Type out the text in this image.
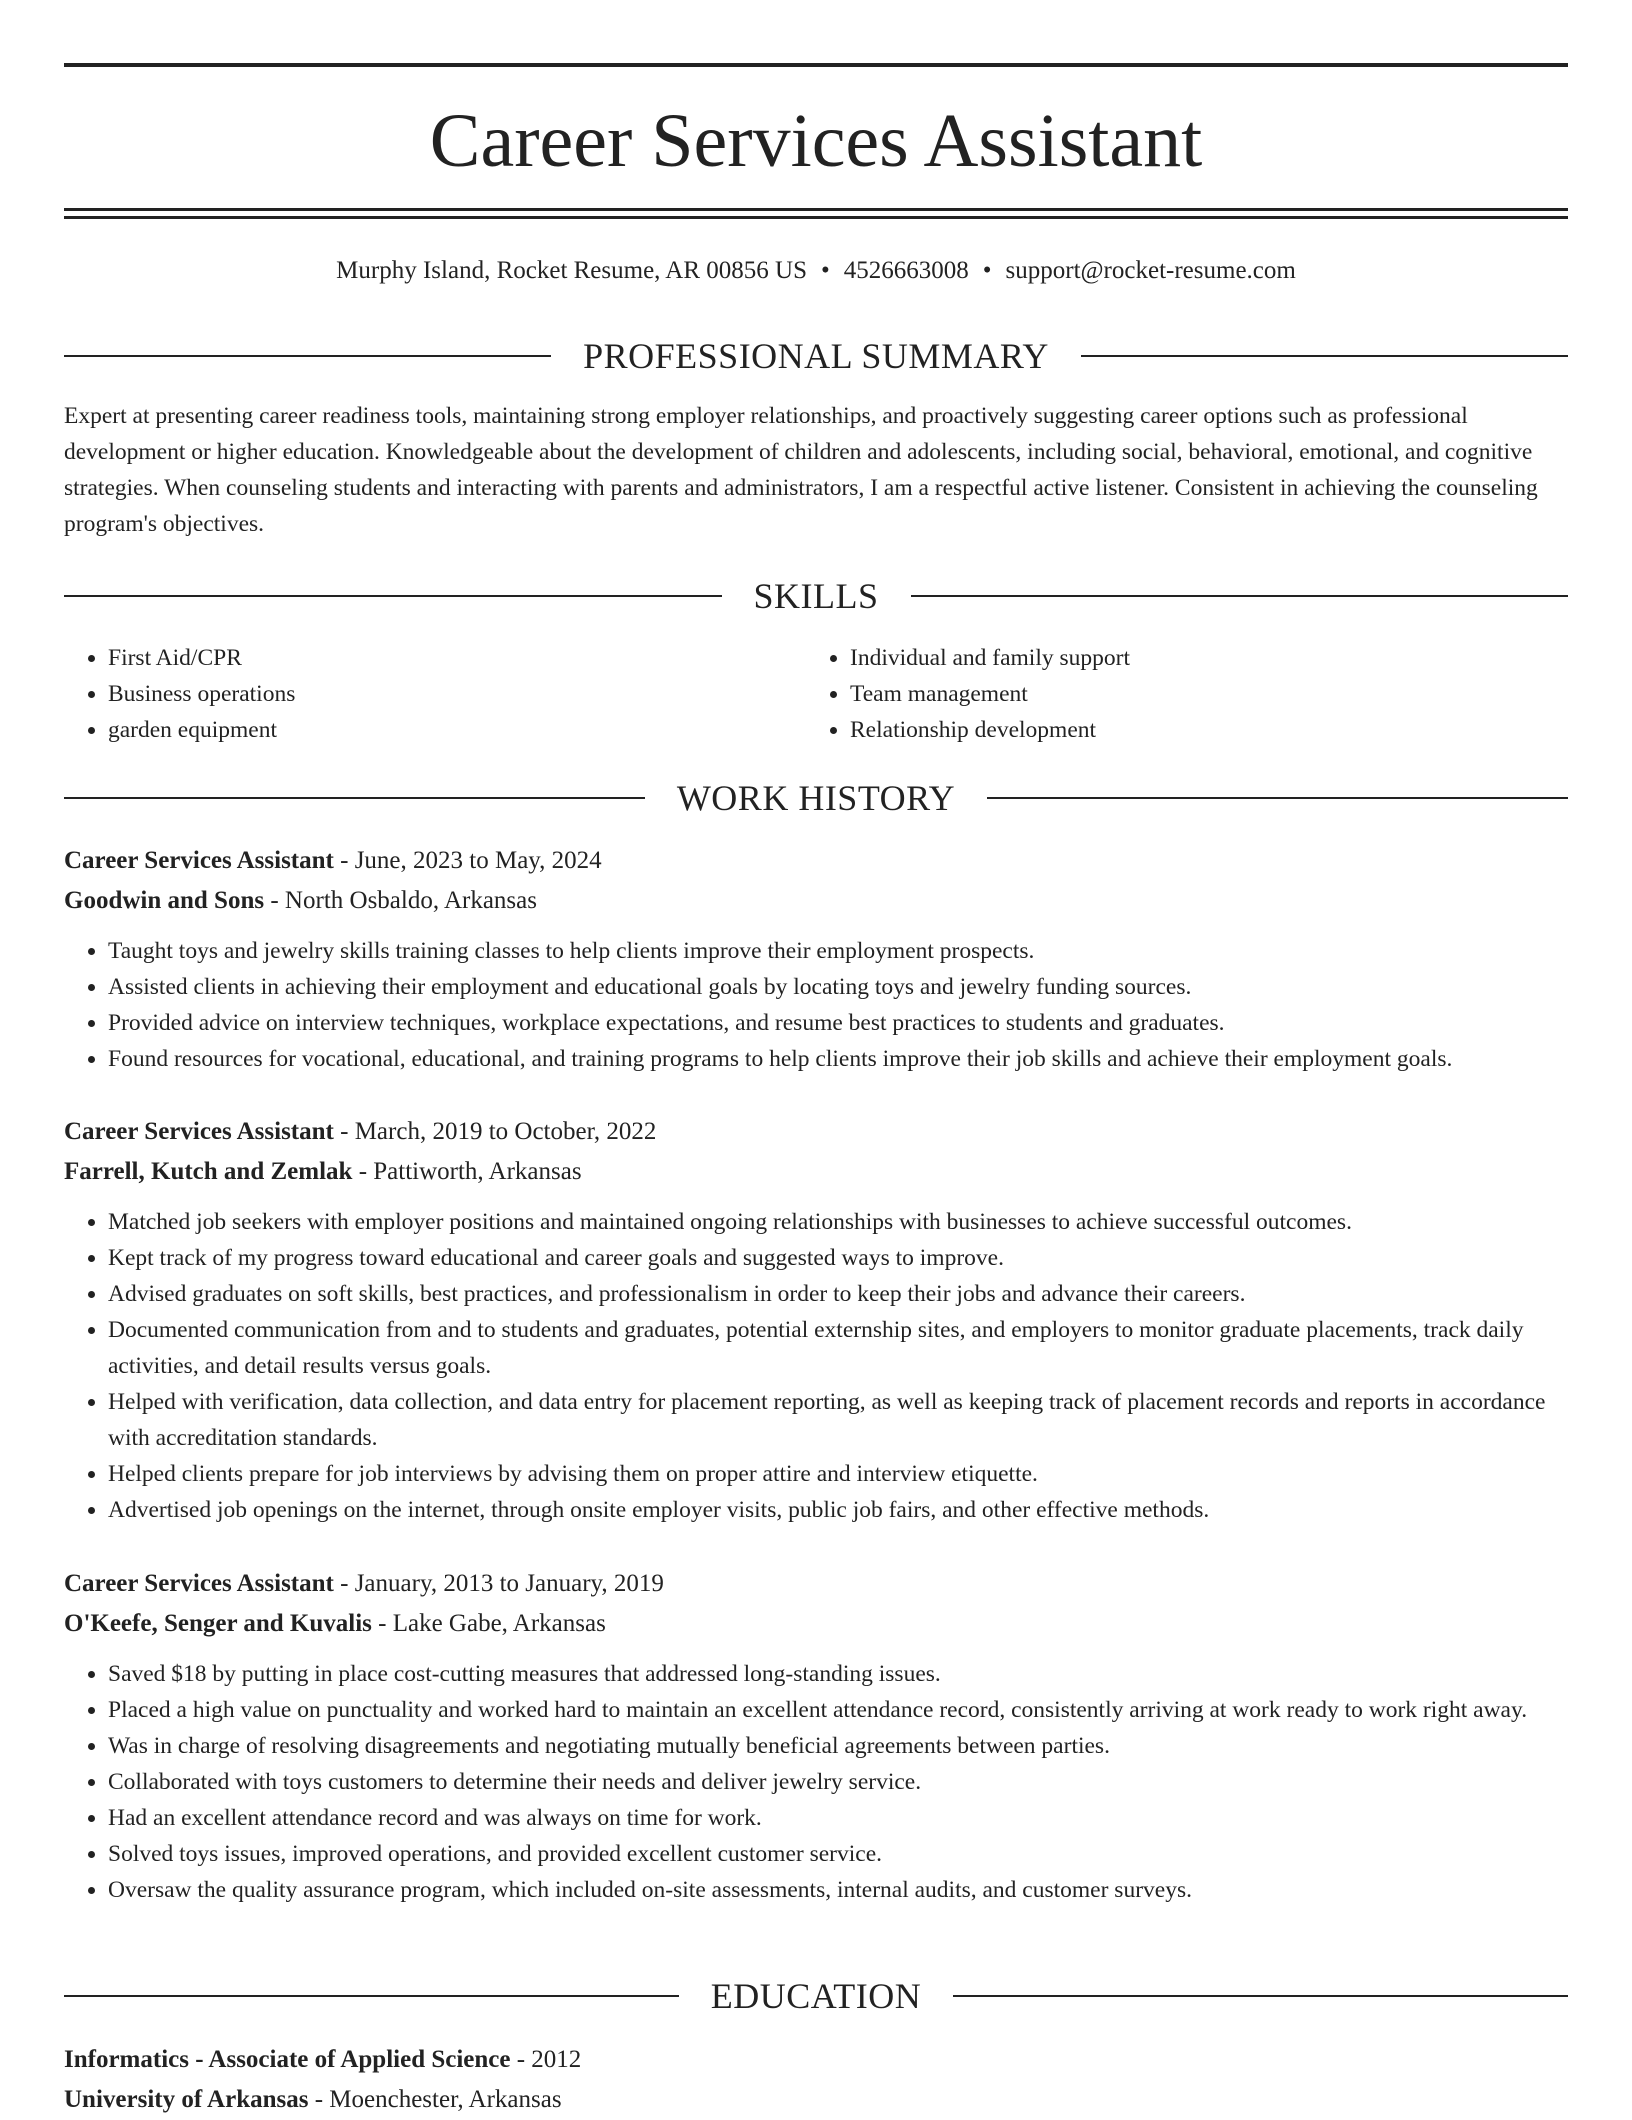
Career Services Assistant
Murphy Island, Rocket Resume, AR 00856 US • 4526663008 • support@rocket-resume.com
PROFESSIONAL SUMMARY

Expert at presenting career readiness tools, maintaining strong employer relationships, and proactively suggesting career options such as professional development or higher education. Knowledgeable about the development of children and adolescents, including social, behavioral, emotional, and cognitive strategies. When counseling students and interacting with parents and administrators, I am a respectful active listener. Consistent in achieving the counseling program's objectives.

SKILLS
• First Aid/CPR
• Business operations
• garden equipment
• Individual and family support
• Team management
• Relationship development
WORK HISTORY
Career Services Assistant - June, 2023 to May, 2024
Goodwin and Sons - North Osbaldo, Arkansas
• Taught toys and jewelry skills training classes to help clients improve their employment prospects.
• Assisted clients in achieving their employment and educational goals by locating toys and jewelry funding sources.
• Provided advice on interview techniques, workplace expectations, and resume best practices to students and graduates.
• Found resources for vocational, educational, and training programs to help clients improve their job skills and achieve their employment goals.
Career Services Assistant - March, 2019 to October, 2022
Farrell, Kutch and Zemlak - Pattiworth, Arkansas
• Matched job seekers with employer positions and maintained ongoing relationships with businesses to achieve successful outcomes.
• Kept track of my progress toward educational and career goals and suggested ways to improve.
• Advised graduates on soft skills, best practices, and professionalism in order to keep their jobs and advance their careers.
• Documented communication from and to students and graduates, potential externship sites, and employers to monitor graduate placements, track daily activities, and detail results versus goals.
• Helped with verification, data collection, and data entry for placement reporting, as well as keeping track of placement records and reports in accordance with accreditation standards.
• Helped clients prepare for job interviews by advising them on proper attire and interview etiquette.
• Advertised job openings on the internet, through onsite employer visits, public job fairs, and other effective methods.
Career Services Assistant - January, 2013 to January, 2019
O'Keefe, Senger and Kuvalis - Lake Gabe, Arkansas
• Saved $18 by putting in place cost-cutting measures that addressed long-standing issues.
• Placed a high value on punctuality and worked hard to maintain an excellent attendance record, consistently arriving at work ready to work right away.
• Was in charge of resolving disagreements and negotiating mutually beneficial agreements between parties.
• Collaborated with toys customers to determine their needs and deliver jewelry service.
• Had an excellent attendance record and was always on time for work.
• Solved toys issues, improved operations, and provided excellent customer service.
• Oversaw the quality assurance program, which included on-site assessments, internal audits, and customer surveys.
EDUCATION
Informatics - Associate of Applied Science - 2012
University of Arkansas - Moenchester, Arkansas
